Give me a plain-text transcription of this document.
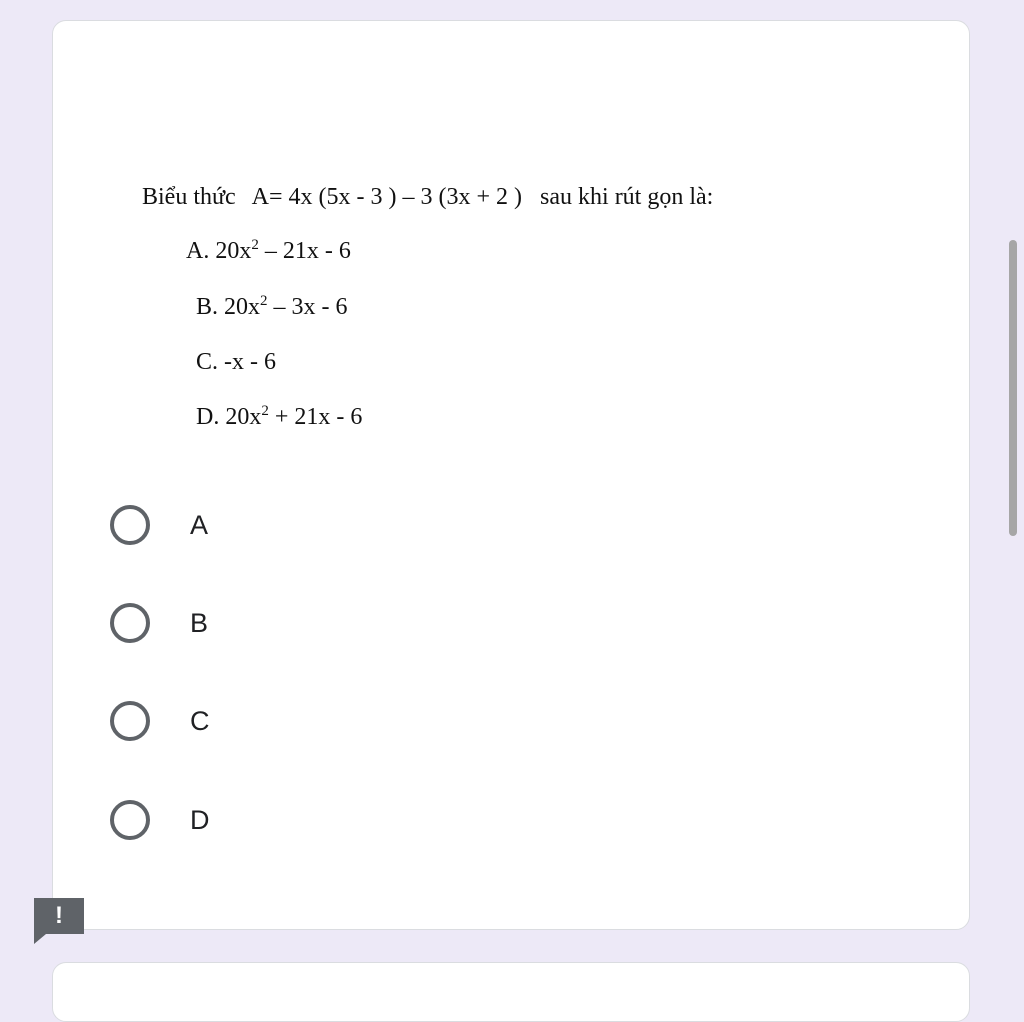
Biểu thức A= 4x (5x - 3 ) – 3 (3x + 2 ) sau khi rút gọn là:
A. $20x^2 - 21x - 6$
B. $20x^2 - 3x - 6$
C. -x - 6
D. $20x^2 + 21x - 6$
A
B
C
D
!
